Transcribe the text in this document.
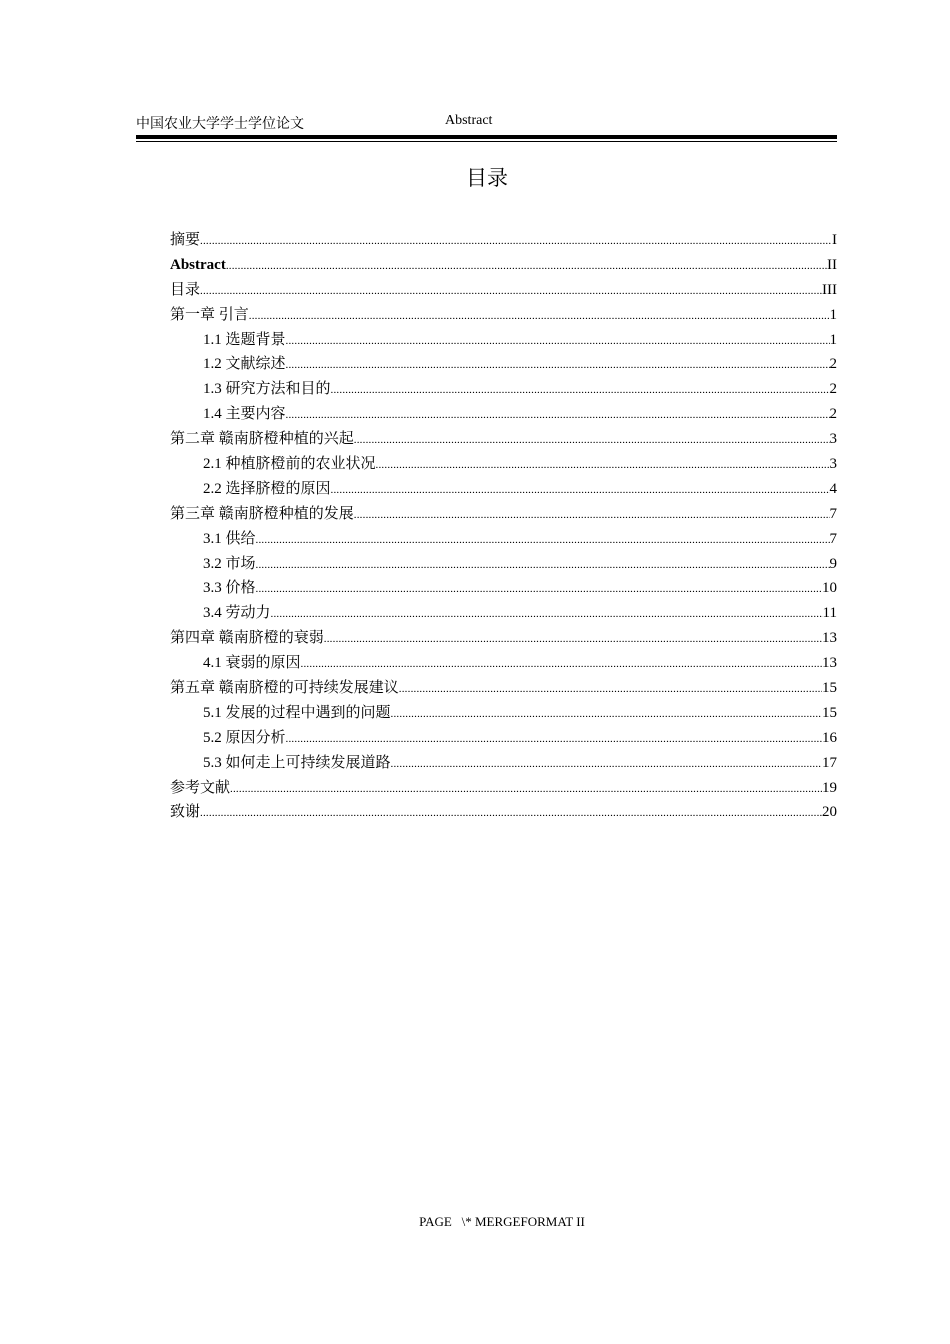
中国农业大学学士学位论文	Abstract
目录
摘要 .....	I
Abstract .....	II
目录 .....	III
第一章 引言 .....	1
1.1 选题背景 .....	1
1.2 文献综述 .....	2
1.3 研究方法和目的 .....	2
1.4 主要内容 .....	2
第二章 赣南脐橙种植的兴起 .....	3
2.1 种植脐橙前的农业状况 .....	3
2.2 选择脐橙的原因 .....	4
第三章 赣南脐橙种植的发展 .....	7
3.1 供给 .....	7
3.2 市场 .....	9
3.3 价格 .....	10
3.4 劳动力 .....	11
第四章 赣南脐橙的衰弱 .....	13
4.1 衰弱的原因 .....	13
第五章 赣南脐橙的可持续发展建议 .....	15
5.1 发展的过程中遇到的问题 .....	15
5.2 原因分析 .....	16
5.3 如何走上可持续发展道路 .....	17
参考文献 .....	19
致谢 .....	20
PAGE   \* MERGEFORMAT II
